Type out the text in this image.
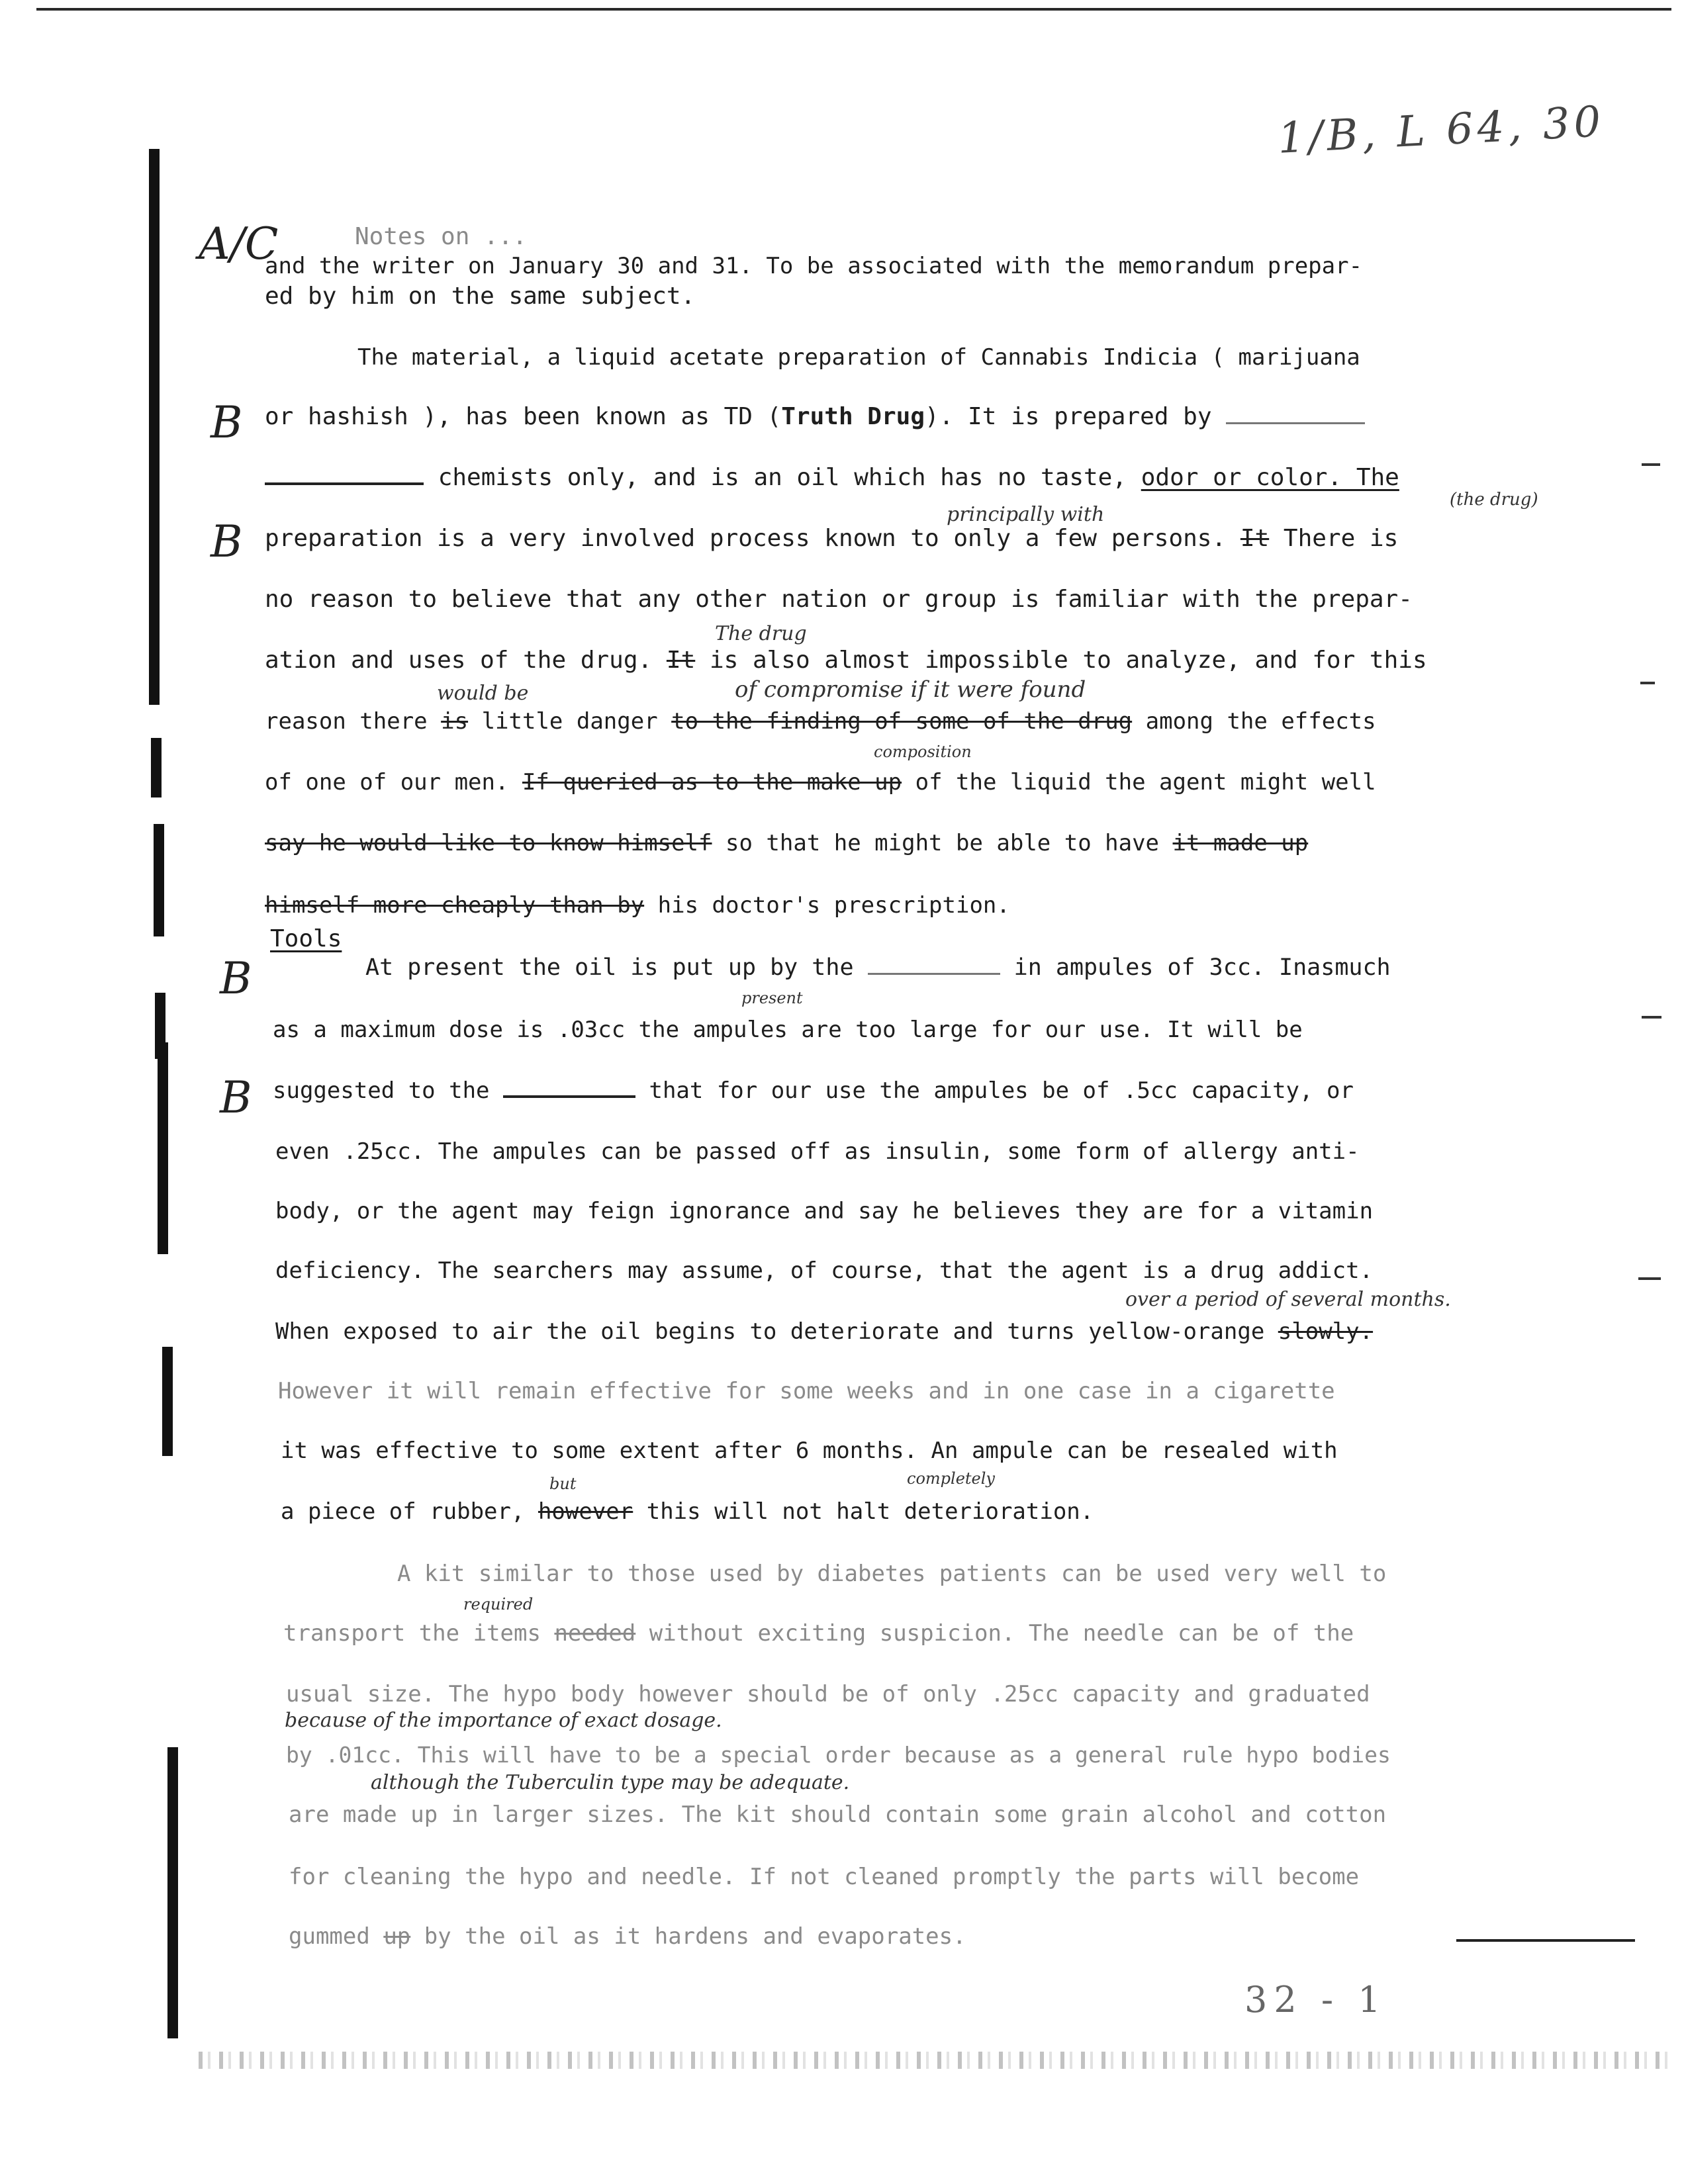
1/B, L 64, 30
A/C
B
B
B
B
Notes on ...
and the writer on January 30 and 31. To be associated with the memorandum prepar-
ed by him on the same subject.
The material, a liquid acetate preparation of Cannabis Indicia ( marijuana
or hashish ), has been known as TD (Truth Drug). It is prepared by
chemists only, and is an oil which has no taste, odor or color. The
principally with
(the drug)
preparation is a very involved process known to only a few persons. It There is
no reason to believe that any other nation or group is familiar with the prepar-
The drug
ation and uses of the drug. It is also almost impossible to analyze, and for this
would be	of compromise if it were found
reason there is little danger to the finding of some of the drug among the effects
composition
of one of our men. If queried as to the make up of the liquid the agent might well
say he would like to know himself so that he might be able to have it made up
himself more cheaply than by his doctor's prescription.
Tools
At present the oil is put up by the	in ampules of 3cc. Inasmuch
present
as a maximum dose is .03cc the ampules are too large for our use. It will be
suggested to the	that for our use the ampules be of .5cc capacity, or
even .25cc. The ampules can be passed off as insulin, some form of allergy anti-
body, or the agent may feign ignorance and say he believes they are for a vitamin
deficiency. The searchers may assume, of course, that the agent is a drug addict.
over a period of several months.
When exposed to air the oil begins to deteriorate and turns yellow-orange slowly.
However it will remain effective for some weeks and in one case in a cigarette
it was effective to some extent after 6 months. An ampule can be resealed with
but	completely
a piece of rubber, however this will not halt deterioration.
A kit similar to those used by diabetes patients can be used very well to
required
transport the items needed without exciting suspicion. The needle can be of the
usual size. The hypo body however should be of only .25cc capacity and graduated
because of the importance of exact dosage.
by .01cc. This will have to be a special order because as a general rule hypo bodies
although the Tuberculin type may be adequate.
are made up in larger sizes. The kit should contain some grain alcohol and cotton
for cleaning the hypo and needle. If not cleaned promptly the parts will become
gummed up by the oil as it hardens and evaporates.
32 - 1
